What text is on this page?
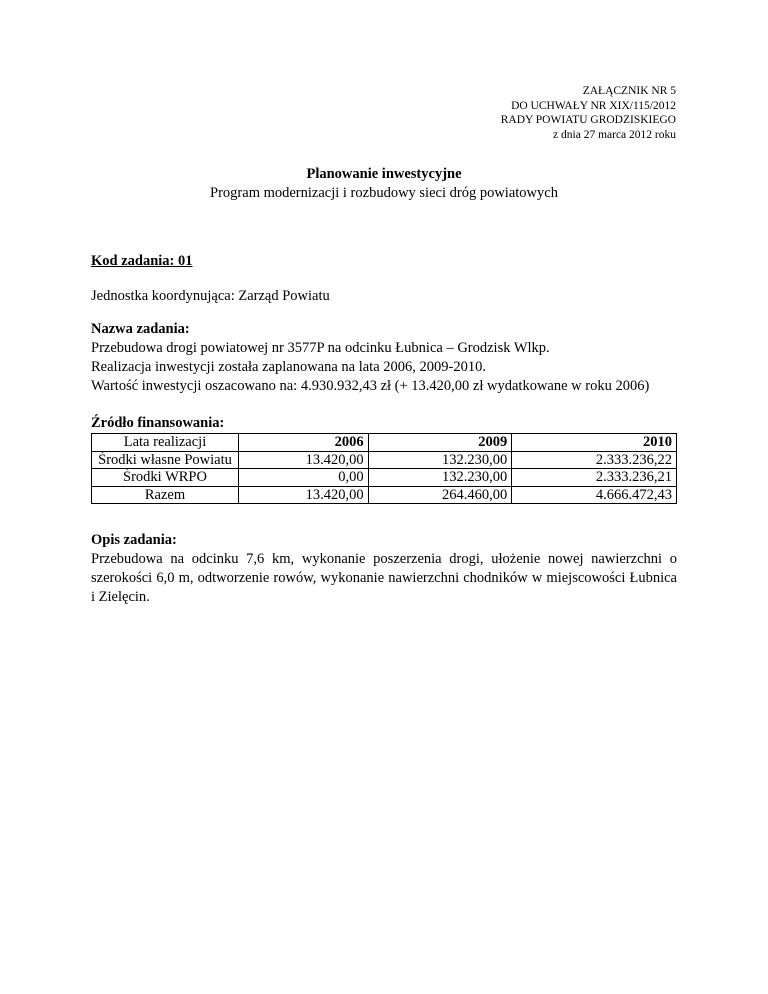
ZAŁĄCZNIK NR 5
DO UCHWAŁY NR XIX/115/2012
RADY POWIATU GRODZISKIEGO
z dnia 27 marca 2012 roku
Planowanie inwestycyjne
Program modernizacji i rozbudowy sieci dróg powiatowych
Kod zadania: 01
Jednostka koordynująca: Zarząd Powiatu
Nazwa zadania:
Przebudowa drogi powiatowej nr 3577P na odcinku Łubnica – Grodzisk Wlkp.
Realizacja inwestycji została zaplanowana na lata 2006, 2009-2010.
Wartość inwestycji oszacowano na: 4.930.932,43 zł (+ 13.420,00 zł wydatkowane w roku 2006)
Źródło finansowania:
Lata realizacji	2006	2009	2010
Środki własne Powiatu	13.420,00	132.230,00	2.333.236,22
Środki WRPO	0,00	132.230,00	2.333.236,21
Razem	13.420,00	264.460,00	4.666.472,43
Opis zadania:
Przebudowa na odcinku 7,6 km, wykonanie poszerzenia drogi, ułożenie nowej nawierzchni o szerokości 6,0 m, odtworzenie rowów, wykonanie nawierzchni chodników w miejscowości Łubnica i Zielęcin.
